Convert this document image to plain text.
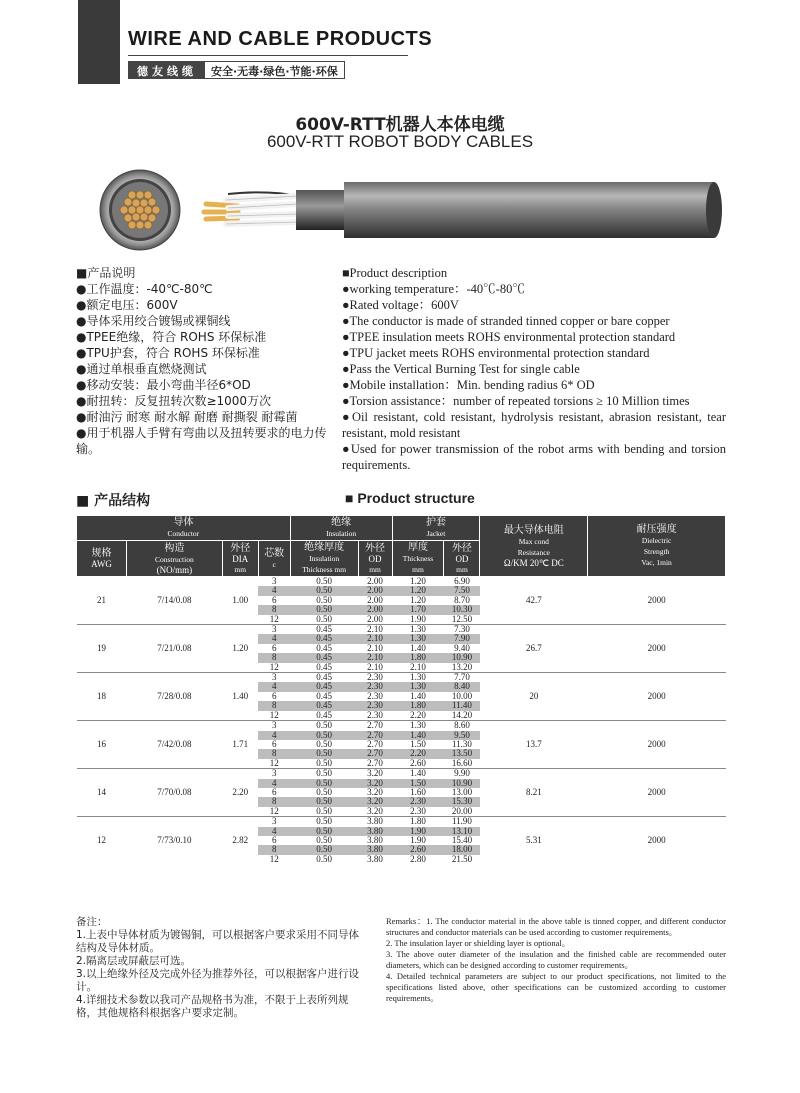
WIRE AND CABLE PRODUCTS
德友线缆	安全·无毒·绿色·节能·环保
600V-RTT机器人本体电缆
600V-RTT ROBOT BODY CABLES
■产品说明
●工作温度：-40℃-80℃
●额定电压：600V
●导体采用绞合镀锡或裸铜线
●TPEE绝缘，符合 ROHS 环保标准
●TPU护套，符合 ROHS 环保标准
●通过单根垂直燃烧测试
●移动安装：最小弯曲半径6*OD
●耐扭转：反复扭转次数≥1000万次
●耐油污 耐寒 耐水解 耐磨 耐撕裂 耐霉菌
●用于机器人手臂有弯曲以及扭转要求的电力传输。
■Product description
●working temperature：-40℃-80℃
●Rated voltage：600V
●The conductor is made of stranded tinned copper or bare copper
●TPEE insulation meets ROHS environmental protection standard
●TPU jacket meets ROHS environmental protection standard
●Pass the Vertical Burning Test for single cable
●Mobile installation：Min. bending radius 6* OD
●Torsion assistance：number of repeated torsions ≥ 10 Million times
●Oil resistant, cold resistant, hydrolysis resistant, abrasion resistant, tear resistant, mold resistant
●Used for power transmission of the robot arms with bending and torsion requirements.
■ 产品结构	■ Product structure
导体
Conductor				绝缘
Insulation		护套
Jacket		最大导体电阻
Max cond
Resistance
Ω/KM 20℃ DC	耐压强度
Dielectric
Strength
Vac, 1min
规格
AWG	构造
Construction
(NO/mm)	外径
DIA
mm	芯数
c	绝缘厚度
Insulation
Thickness mm	外径
OD
mm	厚度
Thickness
mm	外径
OD
mm		
21	7/14/0.08	1.00	3	0.50	2.00	1.20	6.90	42.7	2000
			4	0.50	2.00	1.20	7.50		
			6	0.50	2.00	1.20	8.70		
			8	0.50	2.00	1.70	10.30		
			12	0.50	2.00	1.90	12.50		
19	7/21/0.08	1.20	3	0.45	2.10	1.30	7.30	26.7	2000
			4	0.45	2.10	1.30	7.90		
			6	0.45	2.10	1.40	9.40		
			8	0.45	2.10	1.80	10.90		
			12	0.45	2.10	2.10	13.20		
18	7/28/0.08	1.40	3	0.45	2.30	1.30	7.70	20	2000
			4	0.45	2.30	1.30	8.40		
			6	0.45	2.30	1.40	10.00		
			8	0.45	2.30	1.80	11.40		
			12	0.45	2.30	2.20	14.20		
16	7/42/0.08	1.71	3	0.50	2.70	1.30	8.60	13.7	2000
			4	0.50	2.70	1.40	9.50		
			6	0.50	2.70	1.50	11.30		
			8	0.50	2.70	2.20	13.50		
			12	0.50	2.70	2.60	16.60		
14	7/70/0.08	2.20	3	0.50	3.20	1.40	9.90	8.21	2000
			4	0.50	3.20	1.50	10.90		
			6	0.50	3.20	1.60	13.00		
			8	0.50	3.20	2.30	15.30		
			12	0.50	3.20	2.30	20.00		
12	7/73/0.10	2.82	3	0.50	3.80	1.80	11.90	5.31	2000
			4	0.50	3.80	1.90	13.10		
			6	0.50	3.80	1.90	15.40		
			8	0.50	3.80	2.60	18.00		
			12	0.50	3.80	2.80	21.50		
备注：
1.上表中导体材质为镀锡铜，可以根据客户要求采用不同导体结构及导体材质。
2.隔离层或屏蔽层可选。
3.以上绝缘外径及完成外径为推荐外径，可以根据客户进行设计。
4.详细技术参数以我司产品规格书为准，不限于上表所列规格，其他规格科根据客户要求定制。
Remarks：1. The conductor material in the above table is tinned copper, and different conductor structures and conductor materials can be used according to customer requirements。
2. The insulation layer or shielding layer is optional。
3. The above outer diameter of the insulation and the finished cable are recommended outer diameters, which can be designed according to customer requirements。
4. Detailed technical parameters are subject to our product specifications, not limited to the specifications listed above, other specifications can be customized according to customer requirements。
